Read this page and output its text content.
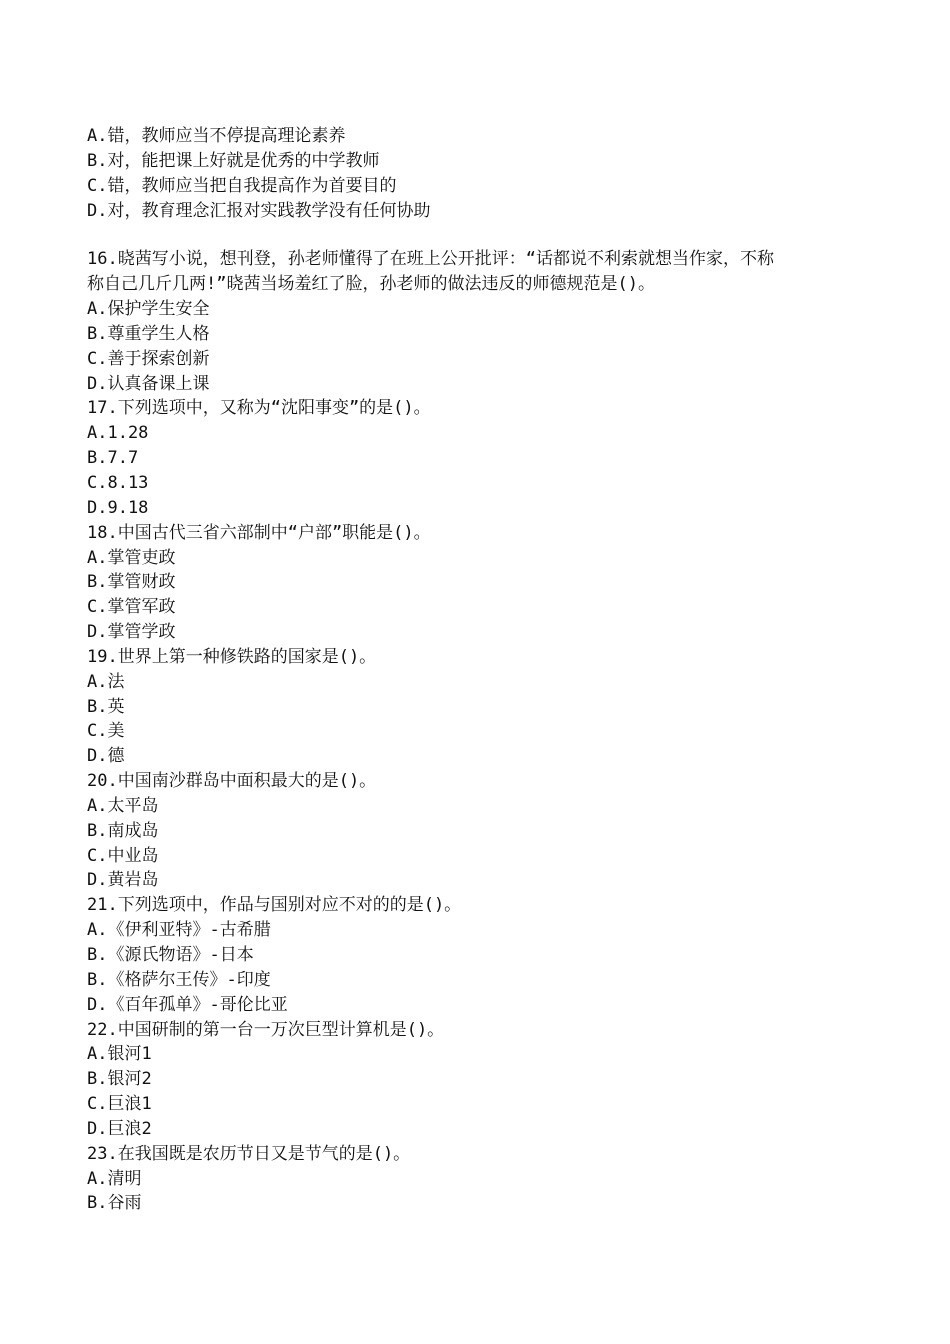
A.错，教师应当不停提高理论素养

B.对，能把课上好就是优秀的中学教师

C.错，教师应当把自我提高作为首要目的

D.对，教育理念汇报对实践教学没有任何协助

16.晓茜写小说，想刊登，孙老师懂得了在班上公开批评：“话都说不利索就想当作家，不称

称自己几斤几两!”晓茜当场羞红了脸，孙老师的做法违反的师德规范是()。

A.保护学生安全

B.尊重学生人格

C.善于探索创新

D.认真备课上课

17.下列选项中，又称为“沈阳事变”的是()。

A.1.28

B.7.7

C.8.13

D.9.18

18.中国古代三省六部制中“户部”职能是()。

A.掌管吏政

B.掌管财政

C.掌管军政

D.掌管学政

19.世界上第一种修铁路的国家是()。

A.法

B.英

C.美

D.德

20.中国南沙群岛中面积最大的是()。

A.太平岛

B.南成岛

C.中业岛

D.黄岩岛

21.下列选项中，作品与国别对应不对的的是()。

A.《伊利亚特》-古希腊

B.《源氏物语》-日本

B.《格萨尔王传》-印度

D.《百年孤单》-哥伦比亚

22.中国研制的第一台一万次巨型计算机是()。

A.银河1

B.银河2

C.巨浪1

D.巨浪2

23.在我国既是农历节日又是节气的是()。

A.清明

B.谷雨
